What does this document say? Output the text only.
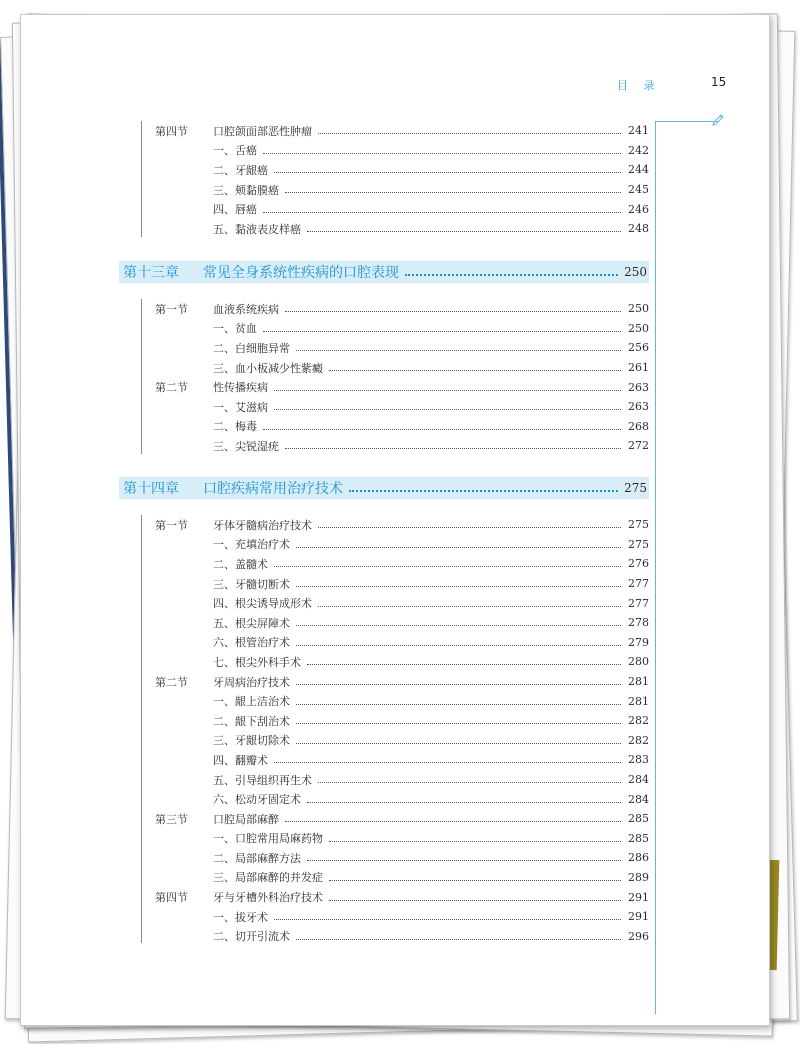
目 录	15
第四节	口腔颌面部恶性肿瘤	241
一、舌癌	242
二、牙龈癌	244
三、颊黏膜癌	245
四、唇癌	246
五、黏液表皮样癌	248
第十三章	常见全身系统性疾病的口腔表现	250
第一节	血液系统疾病	250
一、贫血	250
二、白细胞异常	256
三、血小板减少性紫癜	261
第二节	性传播疾病	263
一、艾滋病	263
二、梅毒	268
三、尖锐湿疣	272
第十四章	口腔疾病常用治疗技术	275
第一节	牙体牙髓病治疗技术	275
一、充填治疗术	275
二、盖髓术	276
三、牙髓切断术	277
四、根尖诱导成形术	277
五、根尖屏障术	278
六、根管治疗术	279
七、根尖外科手术	280
第二节	牙周病治疗技术	281
一、龈上洁治术	281
二、龈下刮治术	282
三、牙龈切除术	282
四、翻瓣术	283
五、引导组织再生术	284
六、松动牙固定术	284
第三节	口腔局部麻醉	285
一、口腔常用局麻药物	285
二、局部麻醉方法	286
三、局部麻醉的并发症	289
第四节	牙与牙槽外科治疗技术	291
一、拔牙术	291
二、切开引流术	296
